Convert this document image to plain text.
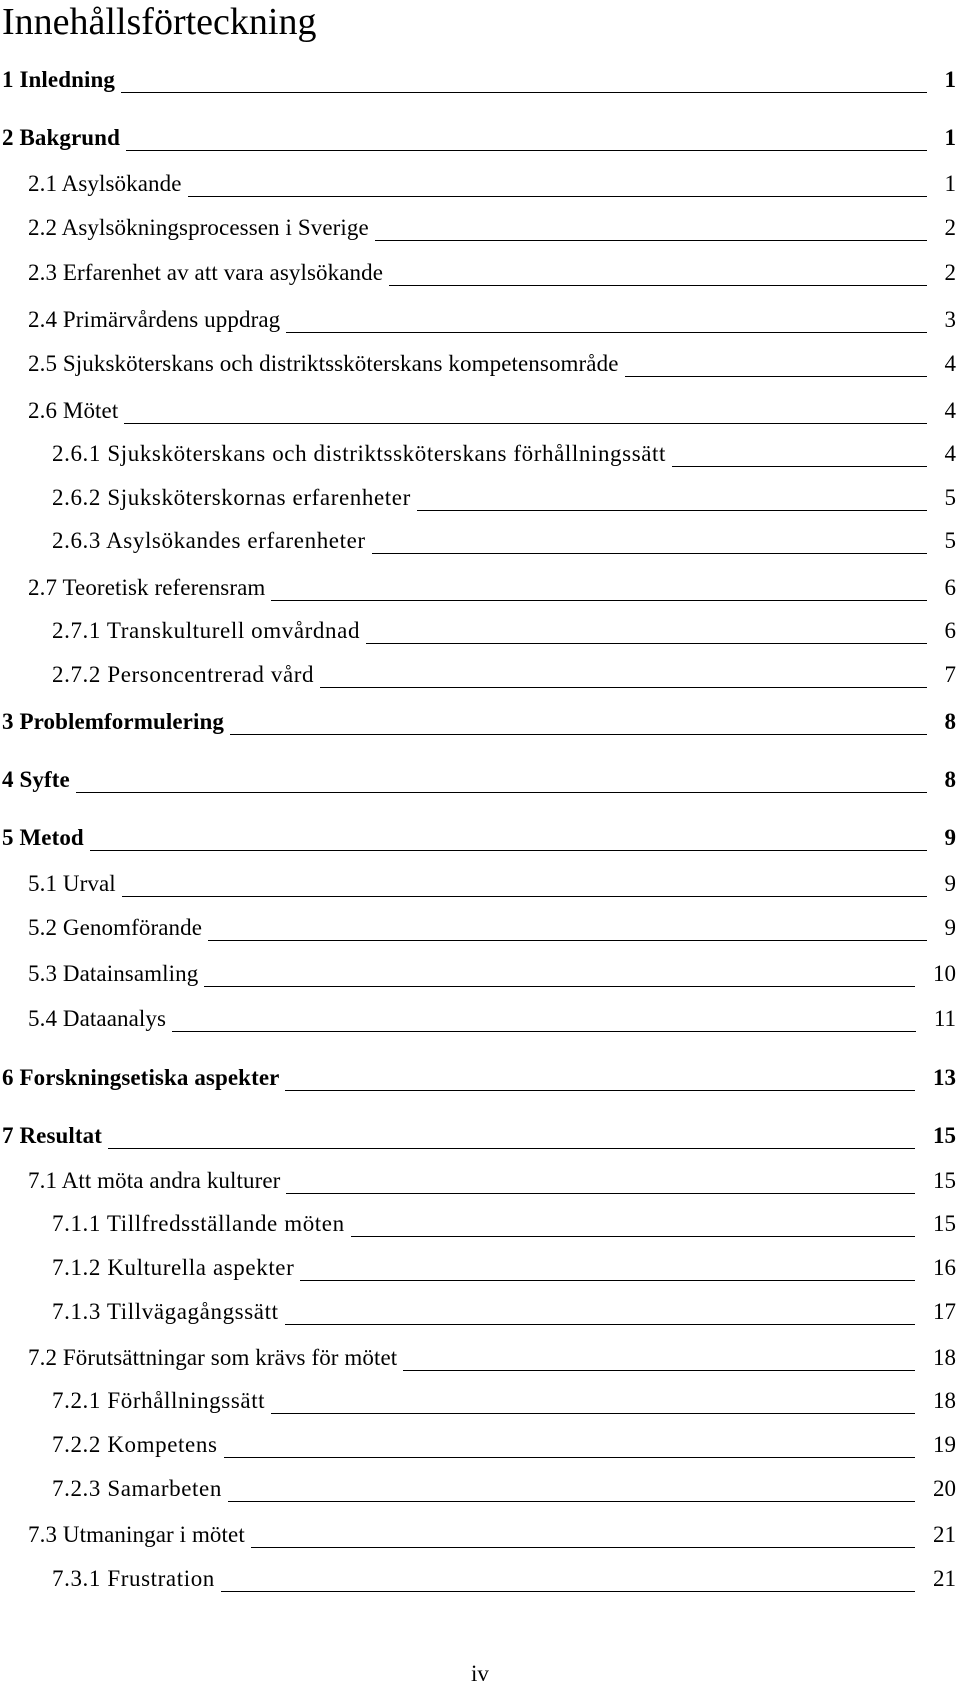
Innehållsförteckning
1 Inledning	1
2 Bakgrund	1
2.1 Asylsökande	1
2.2 Asylsökningsprocessen i Sverige	2
2.3 Erfarenhet av att vara asylsökande	2
2.4 Primärvårdens uppdrag	3
2.5 Sjuksköterskans och distriktssköterskans kompetensområde	4
2.6 Mötet	4
2.6.1 Sjuksköterskans och distriktssköterskans förhållningssätt	4
2.6.2 Sjuksköterskornas erfarenheter	5
2.6.3 Asylsökandes erfarenheter	5
2.7 Teoretisk referensram	6
2.7.1 Transkulturell omvårdnad	6
2.7.2 Personcentrerad vård	7
3 Problemformulering	8
4 Syfte	8
5 Metod	9
5.1 Urval	9
5.2 Genomförande	9
5.3 Datainsamling	10
5.4 Dataanalys	11
6 Forskningsetiska aspekter	13
7 Resultat	15
7.1 Att möta andra kulturer	15
7.1.1 Tillfredsställande möten	15
7.1.2 Kulturella aspekter	16
7.1.3 Tillvägagångssätt	17
7.2 Förutsättningar som krävs för mötet	18
7.2.1 Förhållningssätt	18
7.2.2 Kompetens	19
7.2.3 Samarbeten	20
7.3 Utmaningar i mötet	21
7.3.1 Frustration	21
iv
